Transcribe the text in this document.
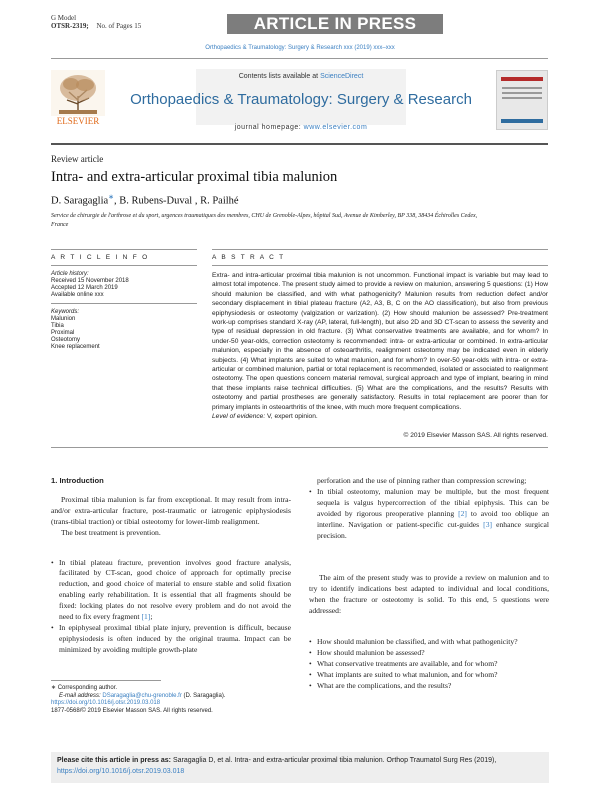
G Model
OTSR-2319; No. of Pages 15	ARTICLE IN PRESS
Orthopaedics & Traumatology: Surgery & Research xxx (2019) xxx–xxx
Contents lists available at ScienceDirect
ELSEVIER
Orthopaedics & Traumatology: Surgery & Research
journal homepage: www.elsevier.com
Review article
Intra- and extra-articular proximal tibia malunion
D. Saragaglia∗, B. Rubens-Duval , R. Pailhé
Service de chirurgie de l'arthrose et du sport, urgences traumatiques des membres, CHU de Grenoble-Alpes, hôpital Sud, Avenue de Kimberley, BP 338, 38434 Échirolles Cedex, France
A R T I C L E I N F O
Article history:
Received 15 November 2018
Accepted 12 March 2019
Available online xxx
Keywords:
Malunion
Tibia
Proximal
Osteotomy
Knee replacement
A B S T R A C T
Extra- and intra-articular proximal tibia malunion is not uncommon. Functional impact is variable but may lead to almost total impotence. The present study aimed to provide a review on malunion, answering 5 questions: (1) How should malunion be classified, and with what pathogenicity? Malunion results from reduction defect and/or secondary displacement in tibial plateau fracture (A2, A3, B, C on the AO classification), but also from previous epiphysiodesis or osteotomy (valgization or varization). (2) How should malunion be assessed? Pre-treatment work-up comprises standard X-ray (AP, lateral, full-length), but also 2D and 3D CT-scan to assess the severity and type of residual depression in old fracture. (3) What conservative treatments are available, and for whom? In under-50 year-olds, correction osteotomy is recommended: intra- or extra-articular or combined. In extra-articular malunion, especially in the absence of osteoarthritis, realignment osteotomy may be indicated even in elderly subjects. (4) What implants are suited to what malunion, and for whom? In over-50 year-olds with intra- or extra-articular or combined malunion, partial or total replacement is recommended, isolated or associated to realignment osteotomy. The open questions concern material removal, surgical approach and type of implant, bearing in mind that these implants raise technical difficulties. (5) What are the complications, and the results? Results with osteotomy and partial prostheses are generally satisfactory. Results in total replacement are poorer than for primary implants in osteoarthritis of the knee, with much more frequent complications.
Level of evidence: V, expert opinion.
© 2019 Elsevier Masson SAS. All rights reserved.

1. Introduction

Proximal tibia malunion is far from exceptional. It may result from intra- and/or extra-articular fracture, post-traumatic or iatrogenic epiphysiodesis (trans-tibial traction) or tibial osteotomy for lower-limb realignment.

The best treatment is prevention.

• In tibial plateau fracture, prevention involves good fracture analysis, facilitated by CT-scan, good choice of approach for optimally precise reduction, and good choice of material to ensure stable and solid fixation enabling early rehabilitation. It is essential that all fragments should be fixed: locking plates do not resolve every problem and do not avoid the need to fix every fragment [1];

• In epiphyseal proximal tibial plate injury, prevention is difficult, because epiphysiodesis is often induced by the original trauma. Impact can be minimized by avoiding multiple growth-plate

perforation and the use of pinning rather than compression screwing;

• In tibial osteotomy, malunion may be multiple, but the most frequent sequela is valgus hypercorrection of the tibial epiphysis. This can be avoided by rigorous preoperative planning [2] to avoid too oblique an interline. Navigation or patient-specific cut-guides [3] enhance surgical precision.

The aim of the present study was to provide a review on malunion and to try to identify indications best adapted to individual and local conditions, when the fracture or osteotomy is solid. To this end, 5 questions were addressed:

• How should malunion be classified, and with what pathogenicity?

• How should malunion be assessed?

• What conservative treatments are available, and for whom?

• What implants are suited to what malunion, and for whom?

• What are the complications, and the results?

∗ Corresponding author.
E-mail address: DSaragaglia@chu-grenoble.fr (D. Saragaglia).
https://doi.org/10.1016/j.otsr.2019.03.018
1877-0568/© 2019 Elsevier Masson SAS. All rights reserved.
Please cite this article in press as: Saragaglia D, et al. Intra- and extra-articular proximal tibia malunion. Orthop Traumatol Surg Res (2019), https://doi.org/10.1016/j.otsr.2019.03.018
